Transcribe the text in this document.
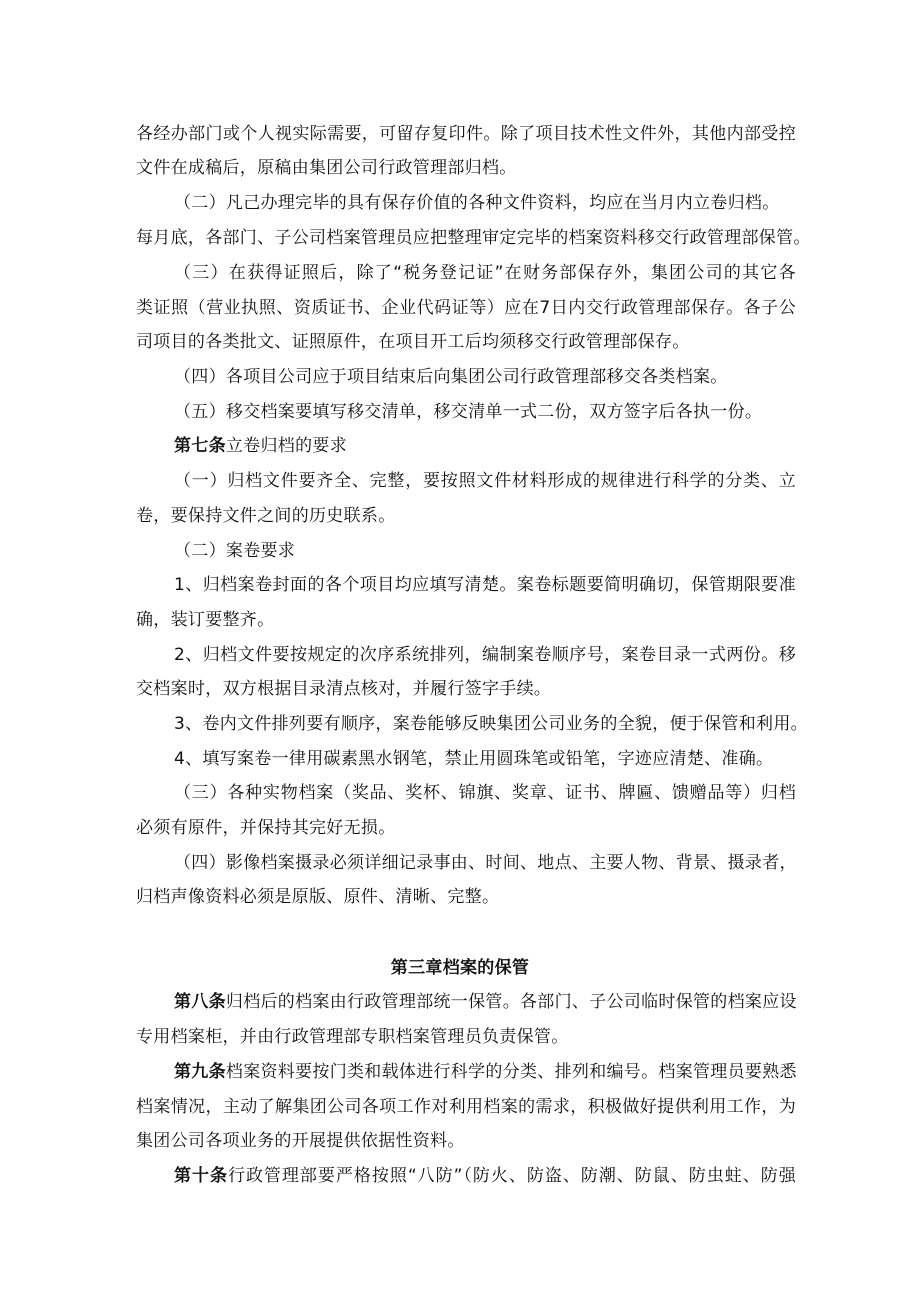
各经办部门或个人视实际需要，可留存复印件。除了项目技术性文件外，其他内部受控
文件在成稿后，原稿由集团公司行政管理部归档。
（二）凡己办理完毕的具有保存价值的各种文件资料，均应在当月内立卷归档。
每月底，各部门、子公司档案管理员应把整理审定完毕的档案资料移交行政管理部保管。
（三）在获得证照后，除了“税务登记证”在财务部保存外，集团公司的其它各
类证照（营业执照、资质证书、企业代码证等）应在7日内交行政管理部保存。各子公
司项目的各类批文、证照原件，在项目开工后均须移交行政管理部保存。
（四）各项目公司应于项目结束后向集团公司行政管理部移交各类档案。
（五）移交档案要填写移交清单，移交清单一式二份，双方签字后各执一份。
第七条立卷归档的要求
（一）归档文件要齐全、完整，要按照文件材料形成的规律进行科学的分类、立
卷，要保持文件之间的历史联系。
（二）案卷要求
1、归档案卷封面的各个项目均应填写清楚。案卷标题要简明确切，保管期限要准
确，装订要整齐。
2、归档文件要按规定的次序系统排列，编制案卷顺序号，案卷目录一式两份。移
交档案时，双方根据目录清点核对，并履行签字手续。
3、卷内文件排列要有顺序，案卷能够反映集团公司业务的全貌，便于保管和利用。
4、填写案卷一律用碳素黑水钢笔，禁止用圆珠笔或铅笔，字迹应清楚、准确。
（三）各种实物档案（奖品、奖杯、锦旗、奖章、证书、牌匾、馈赠品等）归档
必须有原件，并保持其完好无损。
（四）影像档案摄录必须详细记录事由、时间、地点、主要人物、背景、摄录者，
归档声像资料必须是原版、原件、清晰、完整。
第三章档案的保管
第八条归档后的档案由行政管理部统一保管。各部门、子公司临时保管的档案应设
专用档案柜，并由行政管理部专职档案管理员负责保管。
第九条档案资料要按门类和载体进行科学的分类、排列和编号。档案管理员要熟悉
档案情况，主动了解集团公司各项工作对利用档案的需求，积极做好提供利用工作，为
集团公司各项业务的开展提供依据性资料。
第十条行政管理部要严格按照“八防”（防火、防盗、防潮、防鼠、防虫蛀、防强
